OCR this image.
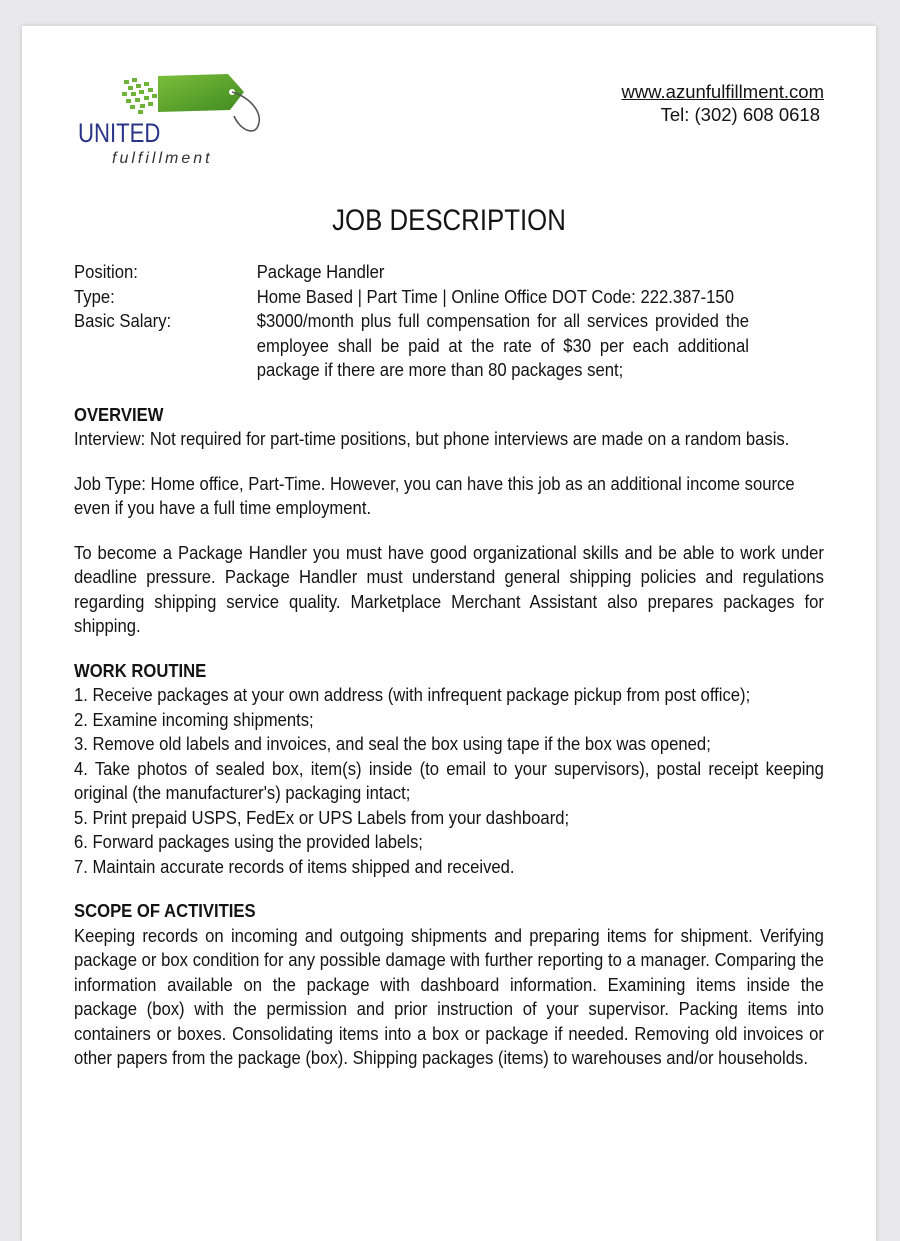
UNITED
fulfillment
www.azunfulfillment.com
Tel: (302) 608 0618
JOB DESCRIPTION
Position:	Package Handler
Type:	Home Based | Part Time | Online Office DOT Code: 222.387-150
Basic Salary:	$3000/month plus full compensation for all services provided the employee shall be paid at the rate of $30 per each additional package if there are more than 80 packages sent;

OVERVIEW

Interview: Not required for part-time positions, but phone interviews are made on a random basis.

Job Type: Home office, Part-Time. However, you can have this job as an additional income source even if you have a full time employment.

To become a Package Handler you must have good organizational skills and be able to work under deadline pressure. Package Handler must understand general shipping policies and regulations regarding shipping service quality. Marketplace Merchant Assistant also prepares packages for shipping.

WORK ROUTINE

1. Receive packages at your own address (with infrequent package pickup from post office);

2. Examine incoming shipments;

3. Remove old labels and invoices, and seal the box using tape if the box was opened;

4. Take photos of sealed box, item(s) inside (to email to your supervisors), postal receipt keeping original (the manufacturer's) packaging intact;

5. Print prepaid USPS, FedEx or UPS Labels from your dashboard;

6. Forward packages using the provided labels;

7. Maintain accurate records of items shipped and received.

SCOPE OF ACTIVITIES

Keeping records on incoming and outgoing shipments and preparing items for shipment. Verifying package or box condition for any possible damage with further reporting to a manager. Comparing the information available on the package with dashboard information. Examining items inside the package (box) with the permission and prior instruction of your supervisor. Packing items into containers or boxes. Consolidating items into a box or package if needed. Removing old invoices or other papers from the package (box). Shipping packages (items) to warehouses and/or households.
